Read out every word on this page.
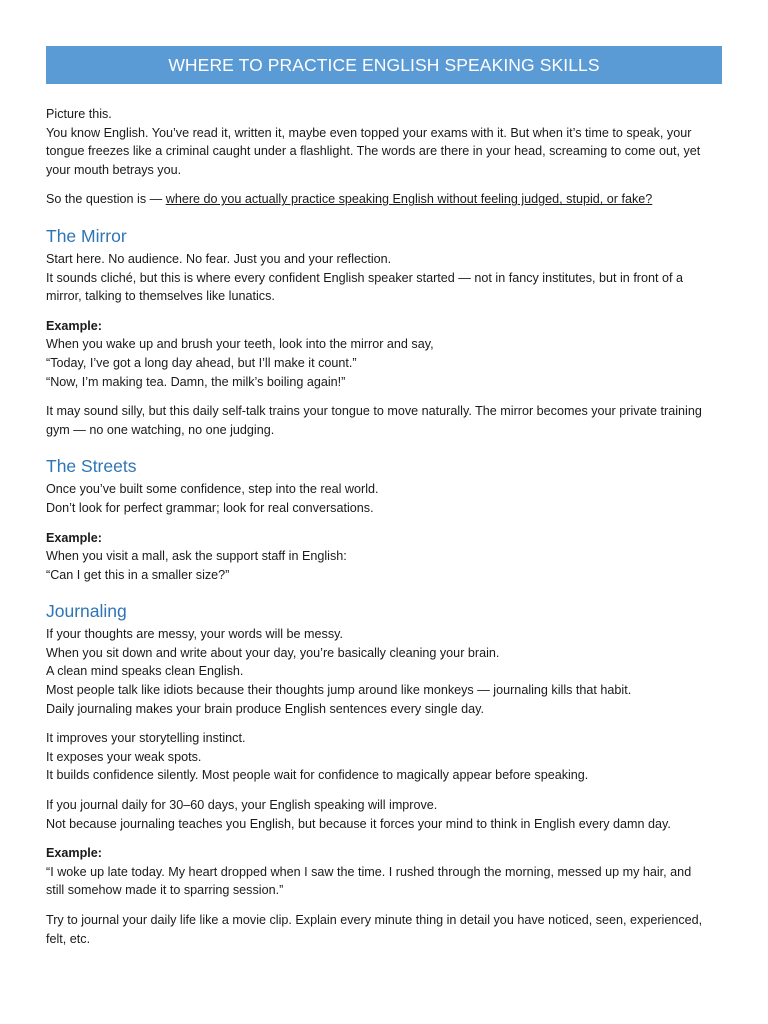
WHERE TO PRACTICE ENGLISH SPEAKING SKILLS
Picture this.
You know English. You’ve read it, written it, maybe even topped your exams with it. But when it’s time to speak, your
tongue freezes like a criminal caught under a flashlight. The words are there in your head, screaming to come out, yet
your mouth betrays you.
So the question is — where do you actually practice speaking English without feeling judged, stupid, or fake?
The Mirror
Start here. No audience. No fear. Just you and your reflection.
It sounds cliché, but this is where every confident English speaker started — not in fancy institutes, but in front of a
mirror, talking to themselves like lunatics.
Example:
When you wake up and brush your teeth, look into the mirror and say,
“Today, I’ve got a long day ahead, but I’ll make it count.”
“Now, I’m making tea. Damn, the milk’s boiling again!”
It may sound silly, but this daily self-talk trains your tongue to move naturally. The mirror becomes your private training
gym — no one watching, no one judging.
The Streets
Once you’ve built some confidence, step into the real world.
Don’t look for perfect grammar; look for real conversations.
Example:
When you visit a mall, ask the support staff in English:
“Can I get this in a smaller size?”
Journaling
If your thoughts are messy, your words will be messy.
When you sit down and write about your day, you’re basically cleaning your brain.
A clean mind speaks clean English.
Most people talk like idiots because their thoughts jump around like monkeys — journaling kills that habit.
Daily journaling makes your brain produce English sentences every single day.
It improves your storytelling instinct.
It exposes your weak spots.
It builds confidence silently. Most people wait for confidence to magically appear before speaking.
If you journal daily for 30–60 days, your English speaking will improve.
Not because journaling teaches you English, but because it forces your mind to think in English every damn day.
Example:
“I woke up late today. My heart dropped when I saw the time. I rushed through the morning, messed up my hair, and
still somehow made it to sparring session.”
Try to journal your daily life like a movie clip. Explain every minute thing in detail you have noticed, seen, experienced,
felt, etc.
